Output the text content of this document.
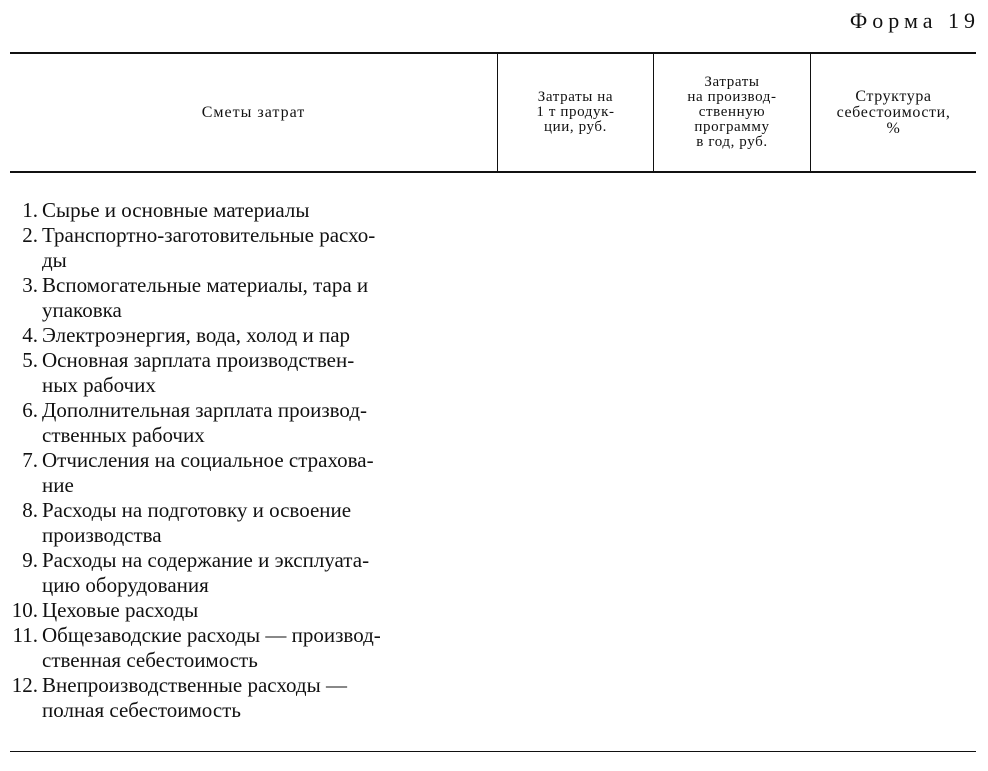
Форма 19
Сметы затрат
Затраты на
1 т продук-
ции, руб.
Затраты
на производ-
ственную
программу
в год, руб.
Структура
себестоимости,
%
1. Сырье и основные материалы
2. Транспортно-заготовительные расхо-
ды
3. Вспомогательные материалы, тара и
упаковка
4. Электроэнергия, вода, холод и пар
5. Основная зарплата производствен-
ных рабочих
6. Дополнительная зарплата производ-
ственных рабочих
7. Отчисления на социальное страхова-
ние
8. Расходы на подготовку и освоение
производства
9. Расходы на содержание и эксплуата-
цию оборудования
10. Цеховые расходы
11. Общезаводские расходы — производ-
ственная себестоимость
12. Внепроизводственные расходы —
полная себестоимость
